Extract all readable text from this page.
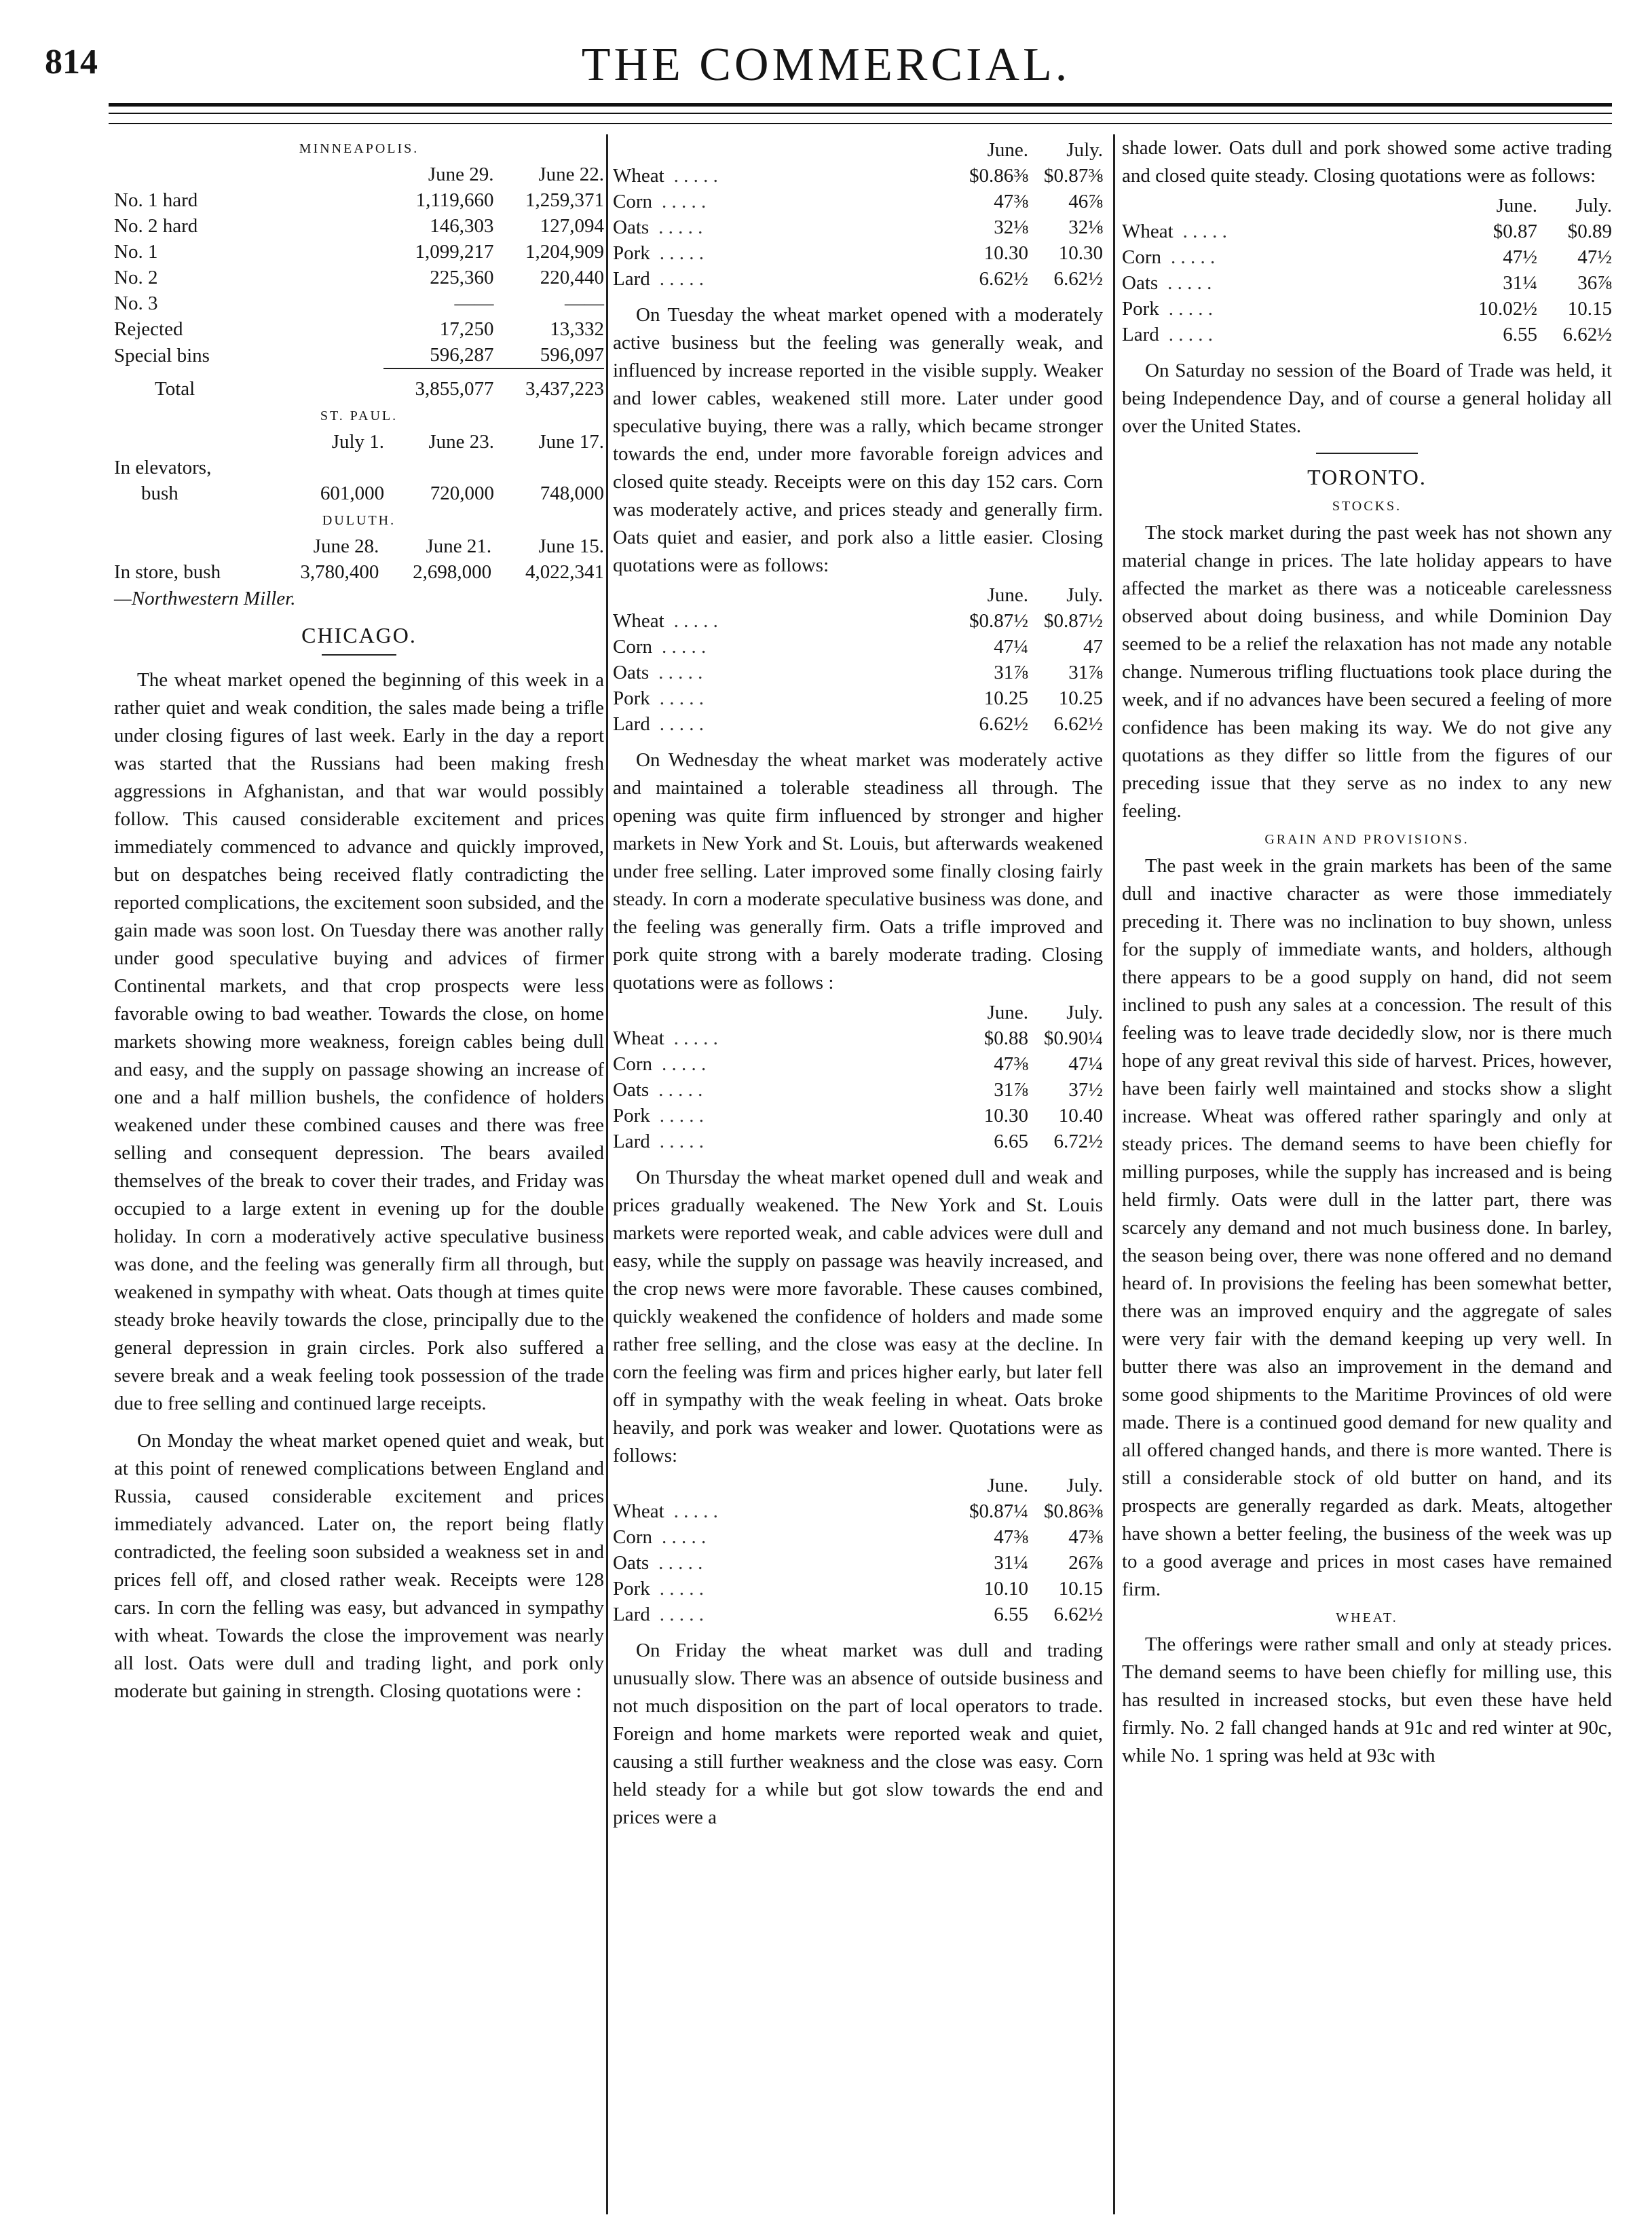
814	THE COMMERCIAL.
MINNEAPOLIS.
	June 29.	June 22.
No. 1 hard	1,119,660	1,259,371
No. 2 hard	146,303	127,094
No. 1	1,099,217	1,204,909
No. 2	225,360	220,440
No. 3	——	——
Rejected	17,250	13,332
Special bins	596,287	596,097
Total	3,855,077	3,437,223
ST. PAUL.
	July 1.	June 23.	June 17.
In elevators,			
bush	601,000	720,000	748,000
DULUTH.
	June 28.	June 21.	June 15.
In store, bush	3,780,400	2,698,000	4,022,341
—Northwestern Miller.
CHICAGO.

The wheat market opened the beginning of this week in a rather quiet and weak condition, the sales made being a trifle under closing figures of last week. Early in the day a report was started that the Russians had been making fresh aggressions in Afghanistan, and that war would possibly follow. This caused considerable excitement and prices immediately commenced to advance and quickly improved, but on despatches being received flatly contradicting the reported complications, the excitement soon subsided, and the gain made was soon lost. On Tuesday there was another rally under good speculative buying and advices of firmer Continental markets, and that crop prospects were less favorable owing to bad weather. Towards the close, on home markets showing more weakness, foreign cables being dull and easy, and the supply on passage showing an increase of one and a half million bushels, the confidence of holders weakened under these combined causes and there was free selling and consequent depression. The bears availed themselves of the break to cover their trades, and Friday was occupied to a large extent in evening up for the double holiday. In corn a moderatively active speculative business was done, and the feeling was generally firm all through, but weakened in sympathy with wheat. Oats though at times quite steady broke heavily towards the close, principally due to the general depression in grain circles. Pork also suffered a severe break and a weak feeling took possession of the trade due to free selling and continued large receipts.

On Monday the wheat market opened quiet and weak, but at this point of renewed complications between England and Russia, caused considerable excitement and prices immediately advanced. Later on, the report being flatly contradicted, the feeling soon subsided a weakness set in and prices fell off, and closed rather weak. Receipts were 128 cars. In corn the felling was easy, but advanced in sympathy with wheat. Towards the close the improvement was nearly all lost. Oats were dull and trading light, and pork only moderate but gaining in strength. Closing quotations were :

	June.	July.
Wheat . . . . .	$0.86⅜	$0.87⅜
Corn . . . . .	47⅜	46⅞
Oats . . . . .	32⅛	32⅛
Pork . . . . .	10.30	10.30
Lard . . . . .	6.62½	6.62½

On Tuesday the wheat market opened with a moderately active business but the feeling was generally weak, and influenced by increase reported in the visible supply. Weaker and lower cables, weakened still more. Later under good speculative buying, there was a rally, which became stronger towards the end, under more favorable foreign advices and closed quite steady. Receipts were on this day 152 cars. Corn was moderately active, and prices steady and generally firm. Oats quiet and easier, and pork also a little easier. Closing quotations were as follows:

	June.	July.
Wheat . . . . .	$0.87½	$0.87½
Corn . . . . .	47¼	47
Oats . . . . .	31⅞	31⅞
Pork . . . . .	10.25	10.25
Lard . . . . .	6.62½	6.62½

On Wednesday the wheat market was moderately active and maintained a tolerable steadiness all through. The opening was quite firm influenced by stronger and higher markets in New York and St. Louis, but afterwards weakened under free selling. Later improved some finally closing fairly steady. In corn a moderate speculative business was done, and the feeling was generally firm. Oats a trifle improved and pork quite strong with a barely moderate trading. Closing quotations were as follows :

	June.	July.
Wheat . . . . .	$0.88	$0.90¼
Corn . . . . .	47⅜	47¼
Oats . . . . .	31⅞	37½
Pork . . . . .	10.30	10.40
Lard . . . . .	6.65	6.72½

On Thursday the wheat market opened dull and weak and prices gradually weakened. The New York and St. Louis markets were reported weak, and cable advices were dull and easy, while the supply on passage was heavily increased, and the crop news were more favorable. These causes combined, quickly weakened the confidence of holders and made some rather free selling, and the close was easy at the decline. In corn the feeling was firm and prices higher early, but later fell off in sympathy with the weak feeling in wheat. Oats broke heavily, and pork was weaker and lower. Quotations were as follows:

	June.	July.
Wheat . . . . .	$0.87¼	$0.86⅜
Corn . . . . .	47⅜	47⅜
Oats . . . . .	31¼	26⅞
Pork . . . . .	10.10	10.15
Lard . . . . .	6.55	6.62½

On Friday the wheat market was dull and trading unusually slow. There was an absence of outside business and not much disposition on the part of local operators to trade. Foreign and home markets were reported weak and quiet, causing a still further weakness and the close was easy. Corn held steady for a while but got slow towards the end and prices were a

shade lower. Oats dull and pork showed some active trading and closed quite steady. Closing quotations were as follows:

	June.	July.
Wheat . . . . .	$0.87	$0.89
Corn . . . . .	47½	47½
Oats . . . . .	31¼	36⅞
Pork . . . . .	10.02½	10.15
Lard . . . . .	6.55	6.62½

On Saturday no session of the Board of Trade was held, it being Independence Day, and of course a general holiday all over the United States.

TORONTO.
STOCKS.

The stock market during the past week has not shown any material change in prices. The late holiday appears to have affected the market as there was a noticeable carelessness observed about doing business, and while Dominion Day seemed to be a relief the relaxation has not made any notable change. Numerous trifling fluctuations took place during the week, and if no advances have been secured a feeling of more confidence has been making its way. We do not give any quotations as they differ so little from the figures of our preceding issue that they serve as no index to any new feeling.

GRAIN AND PROVISIONS.

The past week in the grain markets has been of the same dull and inactive character as were those immediately preceding it. There was no inclination to buy shown, unless for the supply of immediate wants, and holders, although there appears to be a good supply on hand, did not seem inclined to push any sales at a concession. The result of this feeling was to leave trade decidedly slow, nor is there much hope of any great revival this side of harvest. Prices, however, have been fairly well maintained and stocks show a slight increase. Wheat was offered rather sparingly and only at steady prices. The demand seems to have been chiefly for milling purposes, while the supply has increased and is being held firmly. Oats were dull in the latter part, there was scarcely any demand and not much business done. In barley, the season being over, there was none offered and no demand heard of. In provisions the feeling has been somewhat better, there was an improved enquiry and the aggregate of sales were very fair with the demand keeping up very well. In butter there was also an improvement in the demand and some good shipments to the Maritime Provinces of old were made. There is a continued good demand for new quality and all offered changed hands, and there is more wanted. There is still a considerable stock of old butter on hand, and its prospects are generally regarded as dark. Meats, altogether have shown a better feeling, the business of the week was up to a good average and prices in most cases have remained firm.

WHEAT.

The offerings were rather small and only at steady prices. The demand seems to have been chiefly for milling use, this has resulted in increased stocks, but even these have held firmly. No. 2 fall changed hands at 91c and red winter at 90c, while No. 1 spring was held at 93c with
